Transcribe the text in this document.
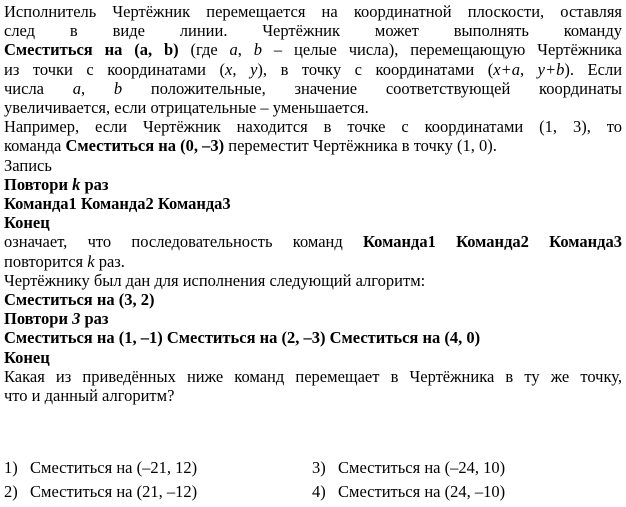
Исполнитель Чертёжник перемещается на координатной плоскости, оставляя

след в виде линии. Чертёжник может выполнять команду

Сместиться на (a, b) (где a, b – целые числа), перемещающую Чертёжника

из точки с координатами (x, y), в точку с координатами (x+a, y+b). Если

числа a, b положительные, значение соответствующей координаты

увеличивается, если отрицательные – уменьшается.

Например, если Чертёжник находится в точке с координатами (1, 3), то

команда Сместиться на (0, –3) переместит Чертёжника в точку (1, 0).

Запись

Повтори k раз

Команда1 Команда2 Команда3

Конец

означает, что последовательность команд Команда1 Команда2 Команда3

повторится k раз.

Чертёжнику был дан для исполнения следующий алгоритм:

Сместиться на (3, 2)

Повтори 3 раз

Сместиться на (1, –1) Сместиться на (2, –3) Сместиться на (4, 0)

Конец

Какая из приведённых ниже команд перемещает в Чертёжника в ту же точку,

что и данный алгоритм?

1) Сместиться на (–21, 12)	3) Сместиться на (–24, 10)
2) Сместиться на (21, –12)	4) Сместиться на (24, –10)
